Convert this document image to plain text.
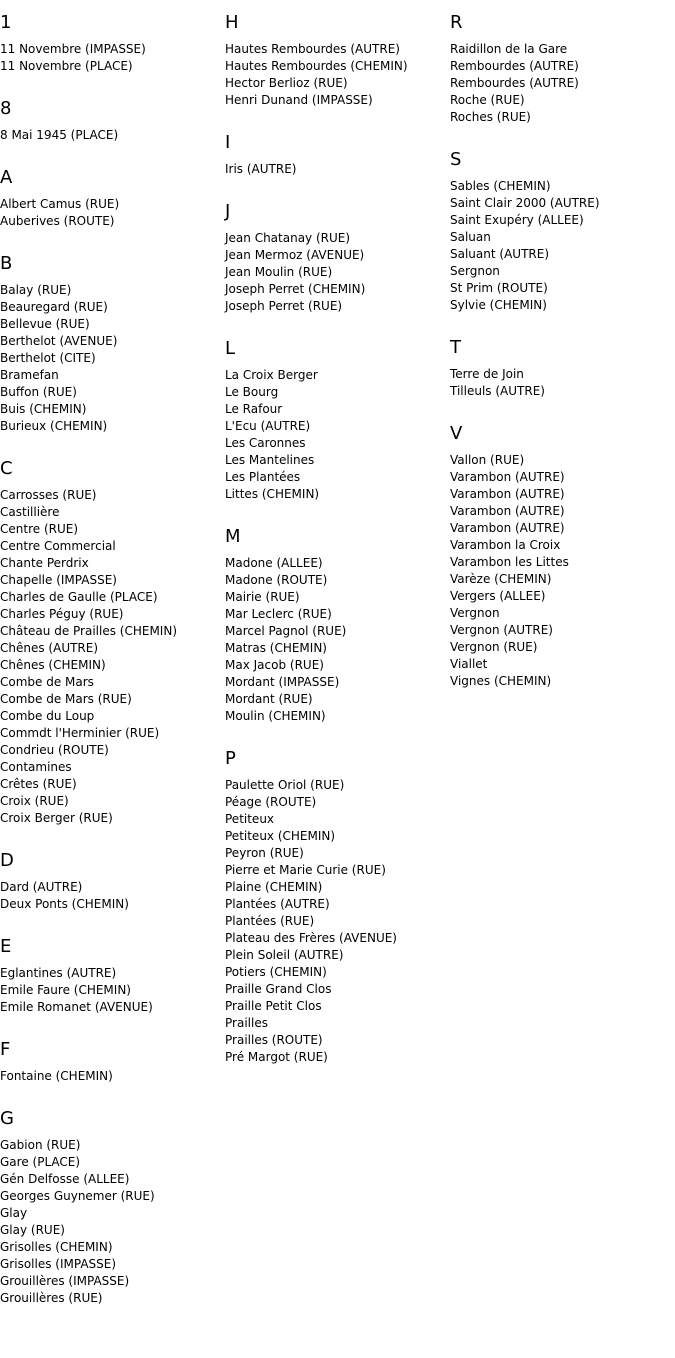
1
11 Novembre (IMPASSE)
11 Novembre (PLACE)
8
8 Mai 1945 (PLACE)
A
Albert Camus (RUE)
Auberives (ROUTE)
B
Balay (RUE)
Beauregard (RUE)
Bellevue (RUE)
Berthelot (AVENUE)
Berthelot (CITE)
Bramefan
Buffon (RUE)
Buis (CHEMIN)
Burieux (CHEMIN)
C
Carrosses (RUE)
Castillière
Centre (RUE)
Centre Commercial
Chante Perdrix
Chapelle (IMPASSE)
Charles de Gaulle (PLACE)
Charles Péguy (RUE)
Château de Prailles (CHEMIN)
Chênes (AUTRE)
Chênes (CHEMIN)
Combe de Mars
Combe de Mars (RUE)
Combe du Loup
Commdt l'Herminier (RUE)
Condrieu (ROUTE)
Contamines
Crêtes (RUE)
Croix (RUE)
Croix Berger (RUE)
D
Dard (AUTRE)
Deux Ponts (CHEMIN)
E
Eglantines (AUTRE)
Emile Faure (CHEMIN)
Emile Romanet (AVENUE)
F
Fontaine (CHEMIN)
G
Gabion (RUE)
Gare (PLACE)
Gén Delfosse (ALLEE)
Georges Guynemer (RUE)
Glay
Glay (RUE)
Grisolles (CHEMIN)
Grisolles (IMPASSE)
Grouillères (IMPASSE)
Grouillères (RUE)
H
Hautes Rembourdes (AUTRE)
Hautes Rembourdes (CHEMIN)
Hector Berlioz (RUE)
Henri Dunand (IMPASSE)
I
Iris (AUTRE)
J
Jean Chatanay (RUE)
Jean Mermoz (AVENUE)
Jean Moulin (RUE)
Joseph Perret (CHEMIN)
Joseph Perret (RUE)
L
La Croix Berger
Le Bourg
Le Rafour
L'Ecu (AUTRE)
Les Caronnes
Les Mantelines
Les Plantées
Littes (CHEMIN)
M
Madone (ALLEE)
Madone (ROUTE)
Mairie (RUE)
Mar Leclerc (RUE)
Marcel Pagnol (RUE)
Matras (CHEMIN)
Max Jacob (RUE)
Mordant (IMPASSE)
Mordant (RUE)
Moulin (CHEMIN)
P
Paulette Oriol (RUE)
Péage (ROUTE)
Petiteux
Petiteux (CHEMIN)
Peyron (RUE)
Pierre et Marie Curie (RUE)
Plaine (CHEMIN)
Plantées (AUTRE)
Plantées (RUE)
Plateau des Frères (AVENUE)
Plein Soleil (AUTRE)
Potiers (CHEMIN)
Praille Grand Clos
Praille Petit Clos
Prailles
Prailles (ROUTE)
Pré Margot (RUE)
R
Raidillon de la Gare
Rembourdes (AUTRE)
Rembourdes (AUTRE)
Roche (RUE)
Roches (RUE)
S
Sables (CHEMIN)
Saint Clair 2000 (AUTRE)
Saint Exupéry (ALLEE)
Saluan
Saluant (AUTRE)
Sergnon
St Prim (ROUTE)
Sylvie (CHEMIN)
T
Terre de Join
Tilleuls (AUTRE)
V
Vallon (RUE)
Varambon (AUTRE)
Varambon (AUTRE)
Varambon (AUTRE)
Varambon (AUTRE)
Varambon la Croix
Varambon les Littes
Varèze (CHEMIN)
Vergers (ALLEE)
Vergnon
Vergnon (AUTRE)
Vergnon (RUE)
Viallet
Vignes (CHEMIN)
